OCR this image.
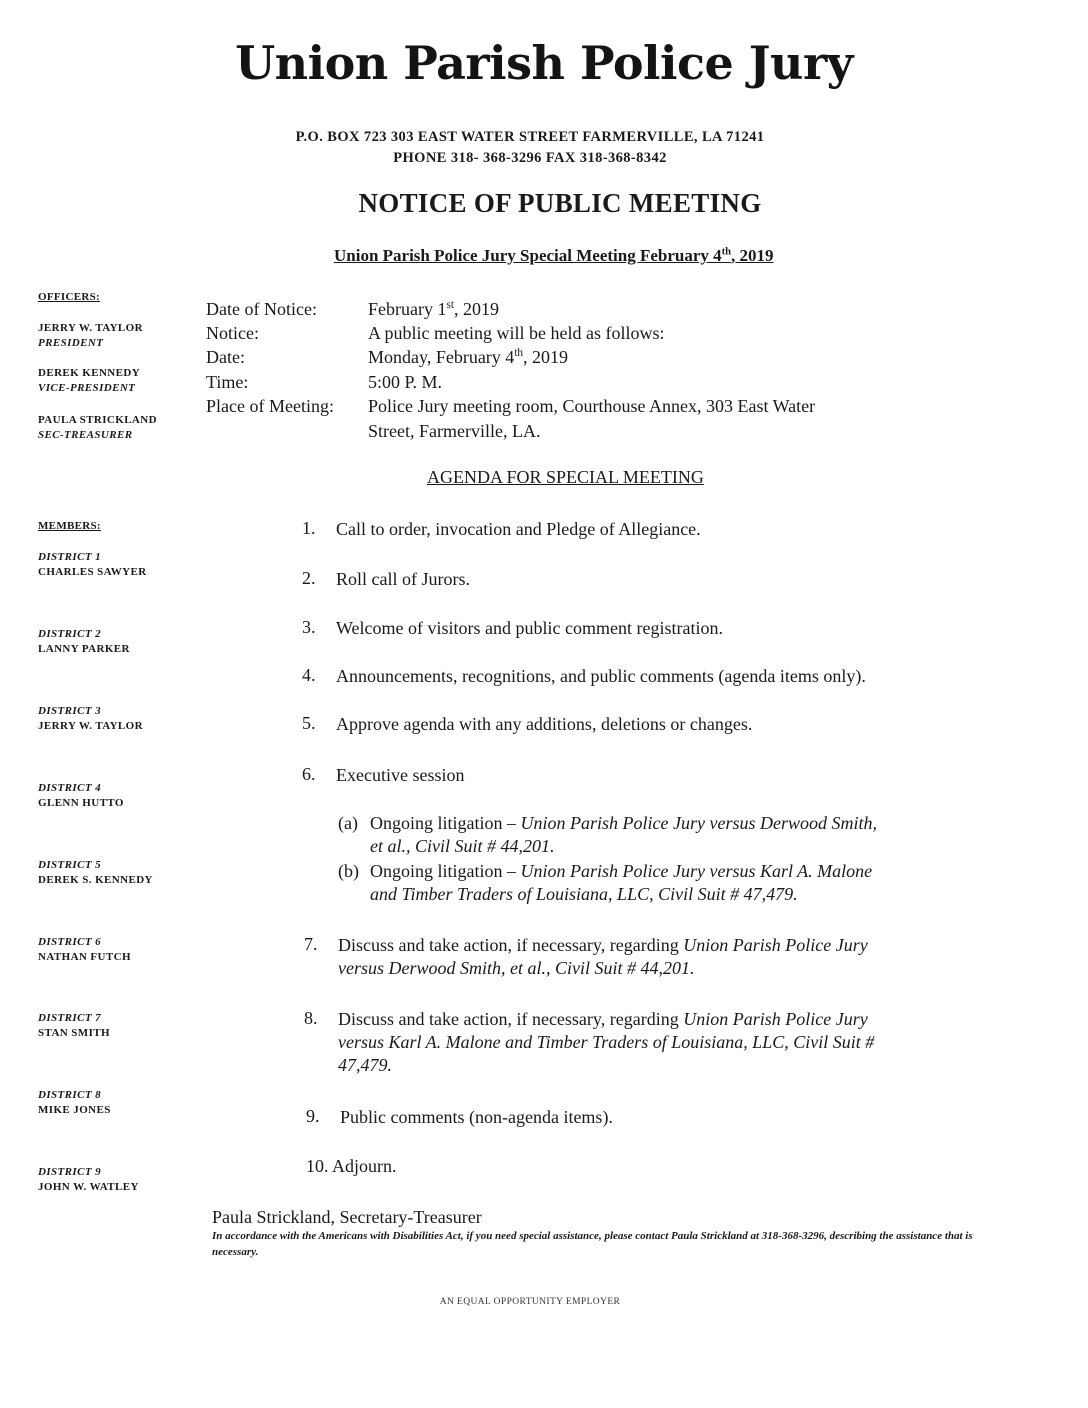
Union Parish Police Jury
P.O. BOX 723 303 EAST WATER STREET FARMERVILLE, LA 71241
PHONE 318- 368-3296 FAX 318-368-8342
NOTICE OF PUBLIC MEETING
Union Parish Police Jury Special Meeting February 4th, 2019
OFFICERS:
JERRY W. TAYLOR
PRESIDENT
DEREK KENNEDY
VICE-PRESIDENT
PAULA STRICKLAND
SEC-TREASURER
MEMBERS:
DISTRICT 1
CHARLES SAWYER
DISTRICT 2
LANNY PARKER
DISTRICT 3
JERRY W. TAYLOR
DISTRICT 4
GLENN HUTTO
DISTRICT 5
DEREK S. KENNEDY
DISTRICT 6
NATHAN FUTCH
DISTRICT 7
STAN SMITH
DISTRICT 8
MIKE JONES
DISTRICT 9
JOHN W. WATLEY
Date of Notice:	February 1st, 2019
Notice:	A public meeting will be held as follows:
Date:	Monday, February 4th, 2019
Time:	5:00 P. M.
Place of Meeting: Police Jury meeting room, Courthouse Annex, 303 East Water
Street, Farmerville, LA.
AGENDA FOR SPECIAL MEETING
1. Call to order, invocation and Pledge of Allegiance.
2. Roll call of Jurors.
3. Welcome of visitors and public comment registration.
4. Announcements, recognitions, and public comments (agenda items only).
5. Approve agenda with any additions, deletions or changes.
6. Executive session
(a) Ongoing litigation – Union Parish Police Jury versus Derwood Smith,
et al., Civil Suit # 44,201.
(b) Ongoing litigation – Union Parish Police Jury versus Karl A. Malone
and Timber Traders of Louisiana, LLC, Civil Suit # 47,479.
7. Discuss and take action, if necessary, regarding Union Parish Police Jury
versus Derwood Smith, et al., Civil Suit # 44,201.
8. Discuss and take action, if necessary, regarding Union Parish Police Jury
versus Karl A. Malone and Timber Traders of Louisiana, LLC, Civil Suit #
47,479.
9. Public comments (non-agenda items).
10. Adjourn.
Paula Strickland, Secretary-Treasurer
In accordance with the Americans with Disabilities Act, if you need special assistance, please contact Paula Strickland at 318-368-3296, describing the assistance that is necessary.
AN EQUAL OPPORTUNITY EMPLOYER
